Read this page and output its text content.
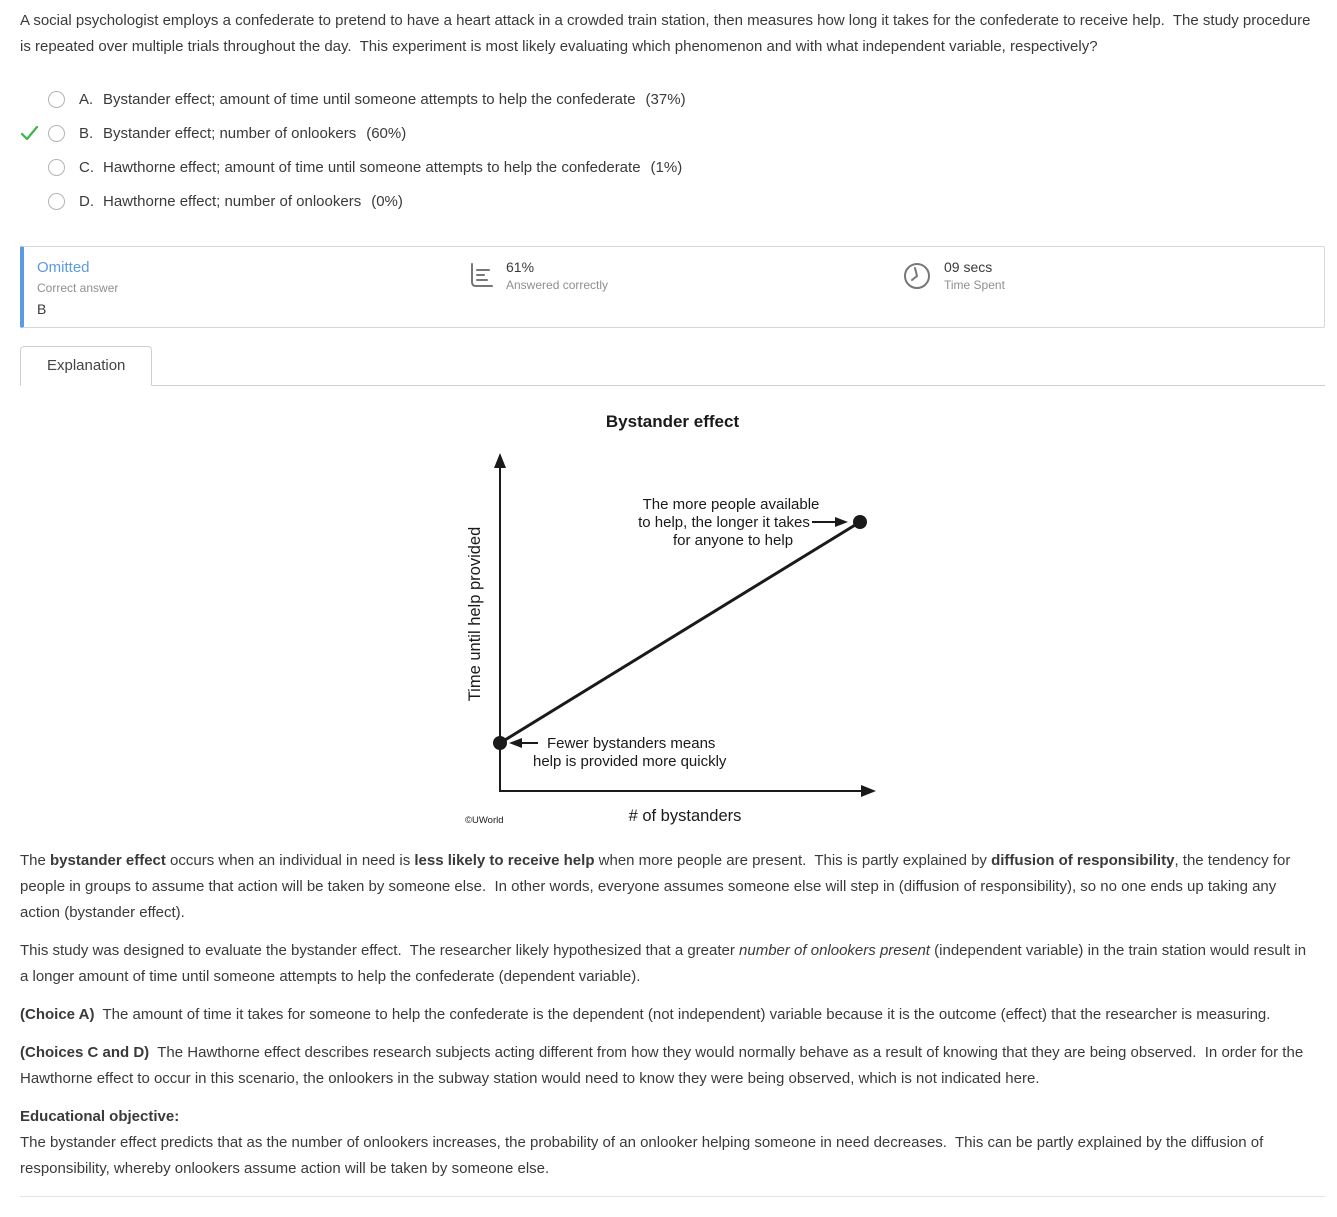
A social psychologist employs a confederate to pretend to have a heart attack in a crowded train station, then measures how long it takes for the confederate to receive help.  The study procedure is repeated over multiple trials throughout the day.  This experiment is most likely evaluating which phenomenon and with what independent variable, respectively?
A. Bystander effect; amount of time until someone attempts to help the confederate (37%)
B. Bystander effect; number of onlookers (60%)
C. Hawthorne effect; amount of time until someone attempts to help the confederate (1%)
D. Hawthorne effect; number of onlookers (0%)
Omitted
Correct answer
B
61%
Answered correctly
09 secs
Time Spent
Explanation
Bystander effect
Time until help provided
The more people available
to help, the longer it takes
for anyone to help
Fewer bystanders means
help is provided more quickly
# of bystanders
©UWorld

The bystander effect occurs when an individual in need is less likely to receive help when more people are present.  This is partly explained by diffusion of responsibility, the tendency for people in groups to assume that action will be taken by someone else.  In other words, everyone assumes someone else will step in (diffusion of responsibility), so no one ends up taking any action (bystander effect).

This study was designed to evaluate the bystander effect.  The researcher likely hypothesized that a greater number of onlookers present (independent variable) in the train station would result in a longer amount of time until someone attempts to help the confederate (dependent variable).

(Choice A)  The amount of time it takes for someone to help the confederate is the dependent (not independent) variable because it is the outcome (effect) that the researcher is measuring.

(Choices C and D)  The Hawthorne effect describes research subjects acting different from how they would normally behave as a result of knowing that they are being observed.  In order for the Hawthorne effect to occur in this scenario, the onlookers in the subway station would need to know they were being observed, which is not indicated here.

Educational objective:

The bystander effect predicts that as the number of onlookers increases, the probability of an onlooker helping someone in need decreases.  This can be partly explained by the diffusion of responsibility, whereby onlookers assume action will be taken by someone else.
